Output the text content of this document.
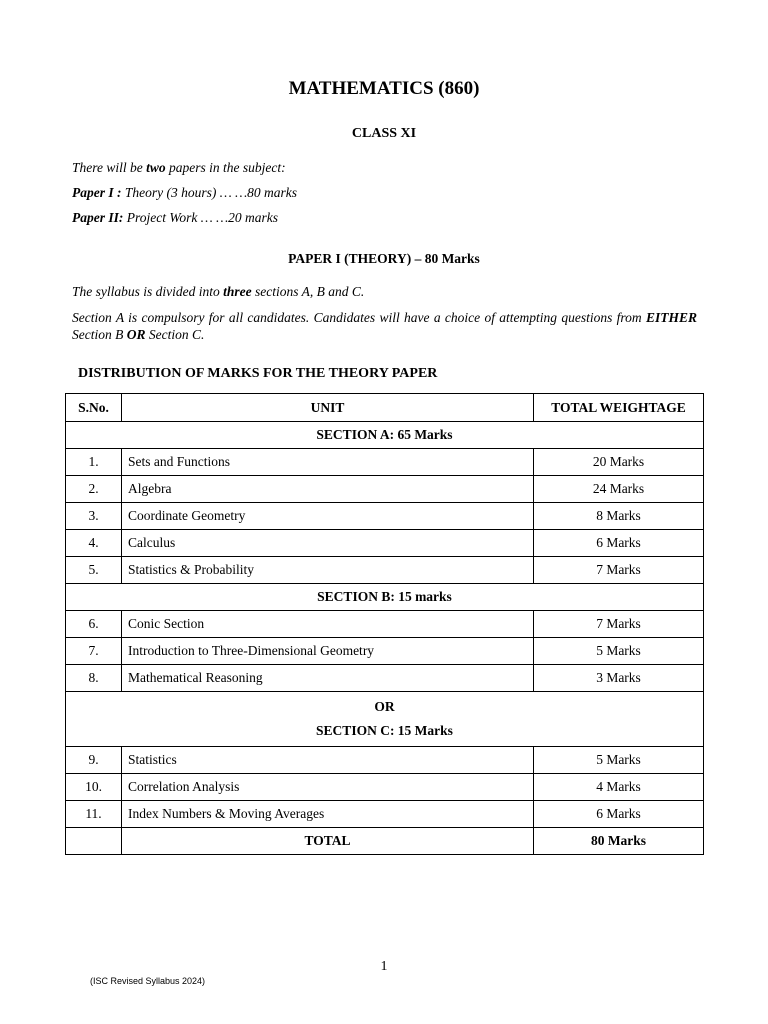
MATHEMATICS (860)
CLASS XI
There will be two papers in the subject:
Paper I : Theory (3 hours) … …80 marks
Paper II: Project Work … …20 marks
PAPER I (THEORY) – 80 Marks
The syllabus is divided into three sections A, B and C.
Section A is compulsory for all candidates. Candidates will have a choice of attempting questions from EITHER Section B OR Section C.
DISTRIBUTION OF MARKS FOR THE THEORY PAPER
S.No.	UNIT	TOTAL WEIGHTAGE
SECTION A: 65 Marks		
1.	Sets and Functions	20 Marks
2.	Algebra	24 Marks
3.	Coordinate Geometry	8 Marks
4.	Calculus	6 Marks
5.	Statistics & Probability	7 Marks
SECTION B: 15 marks		
6.	Conic Section	7 Marks
7.	Introduction to Three-Dimensional Geometry	5 Marks
8.	Mathematical Reasoning	3 Marks

OR
SECTION C: 15 Marks		

9.	Statistics	5 Marks
10.	Correlation Analysis	4 Marks
11.	Index Numbers & Moving Averages	6 Marks
	TOTAL	80 Marks
1
(ISC Revised Syllabus 2024)
